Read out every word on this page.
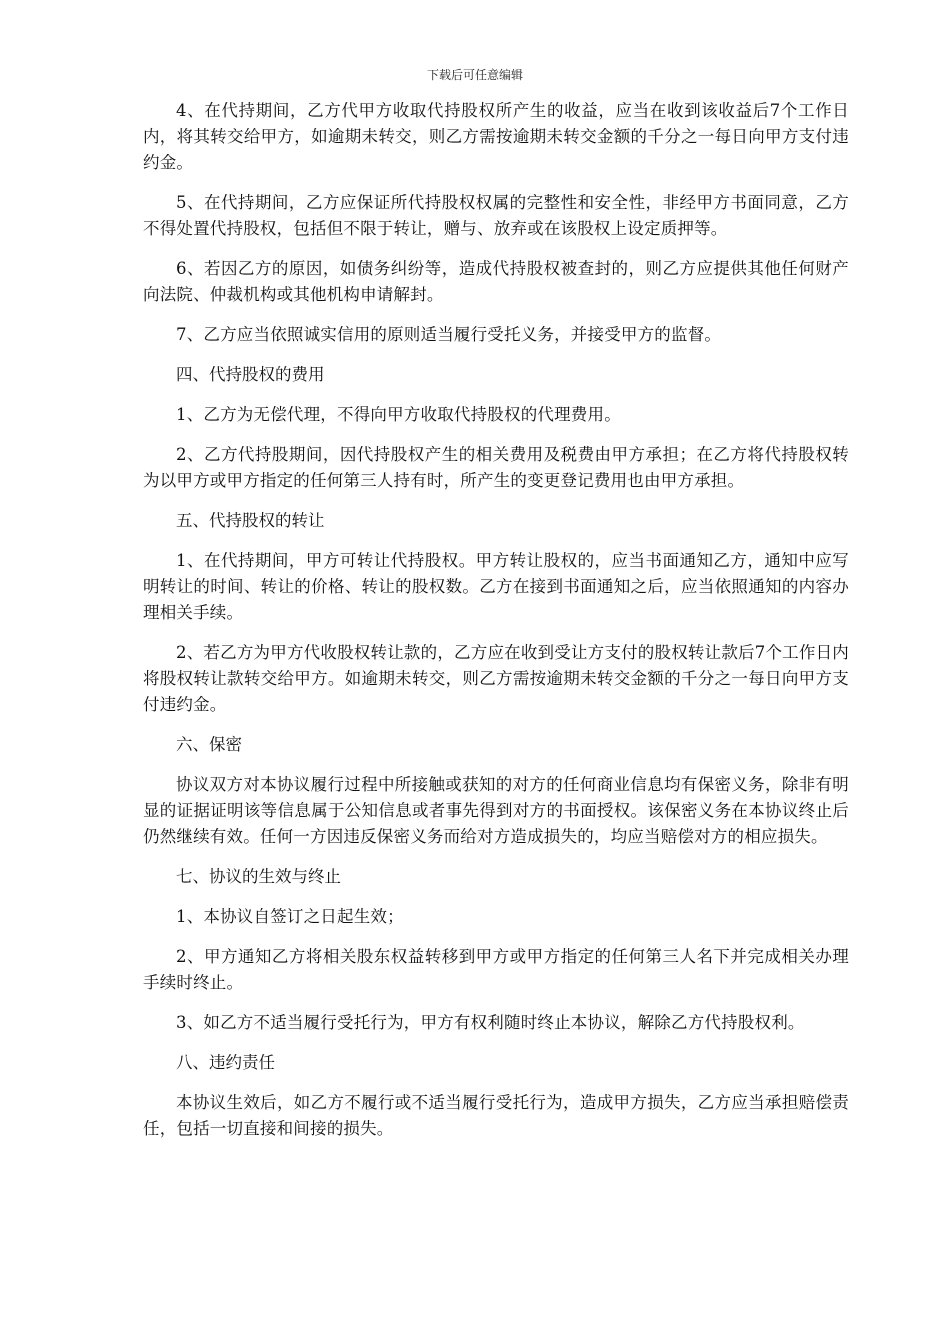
下载后可任意编辑

4、在代持期间，乙方代甲方收取代持股权所产生的收益，应当在收到该收益后7个工作日内，将其转交给甲方，如逾期未转交，则乙方需按逾期未转交金额的千分之一每日向甲方支付违约金。

5、在代持期间，乙方应保证所代持股权权属的完整性和安全性，非经甲方书面同意，乙方不得处置代持股权，包括但不限于转让，赠与、放弃或在该股权上设定质押等。

6、若因乙方的原因，如债务纠纷等，造成代持股权被查封的，则乙方应提供其他任何财产向法院、仲裁机构或其他机构申请解封。

7、乙方应当依照诚实信用的原则适当履行受托义务，并接受甲方的监督。

四、代持股权的费用

1、乙方为无偿代理，不得向甲方收取代持股权的代理费用。

2、乙方代持股期间，因代持股权产生的相关费用及税费由甲方承担；在乙方将代持股权转为以甲方或甲方指定的任何第三人持有时，所产生的变更登记费用也由甲方承担。

五、代持股权的转让

1、在代持期间，甲方可转让代持股权。甲方转让股权的，应当书面通知乙方，通知中应写明转让的时间、转让的价格、转让的股权数。乙方在接到书面通知之后，应当依照通知的内容办理相关手续。

2、若乙方为甲方代收股权转让款的，乙方应在收到受让方支付的股权转让款后7个工作日内将股权转让款转交给甲方。如逾期未转交，则乙方需按逾期未转交金额的千分之一每日向甲方支付违约金。

六、保密

协议双方对本协议履行过程中所接触或获知的对方的任何商业信息均有保密义务，除非有明显的证据证明该等信息属于公知信息或者事先得到对方的书面授权。该保密义务在本协议终止后仍然继续有效。任何一方因违反保密义务而给对方造成损失的，均应当赔偿对方的相应损失。

七、协议的生效与终止

1、本协议自签订之日起生效；

2、甲方通知乙方将相关股东权益转移到甲方或甲方指定的任何第三人名下并完成相关办理手续时终止。

3、如乙方不适当履行受托行为，甲方有权利随时终止本协议，解除乙方代持股权利。

八、违约责任

本协议生效后，如乙方不履行或不适当履行受托行为，造成甲方损失，乙方应当承担赔偿责任，包括一切直接和间接的损失。
